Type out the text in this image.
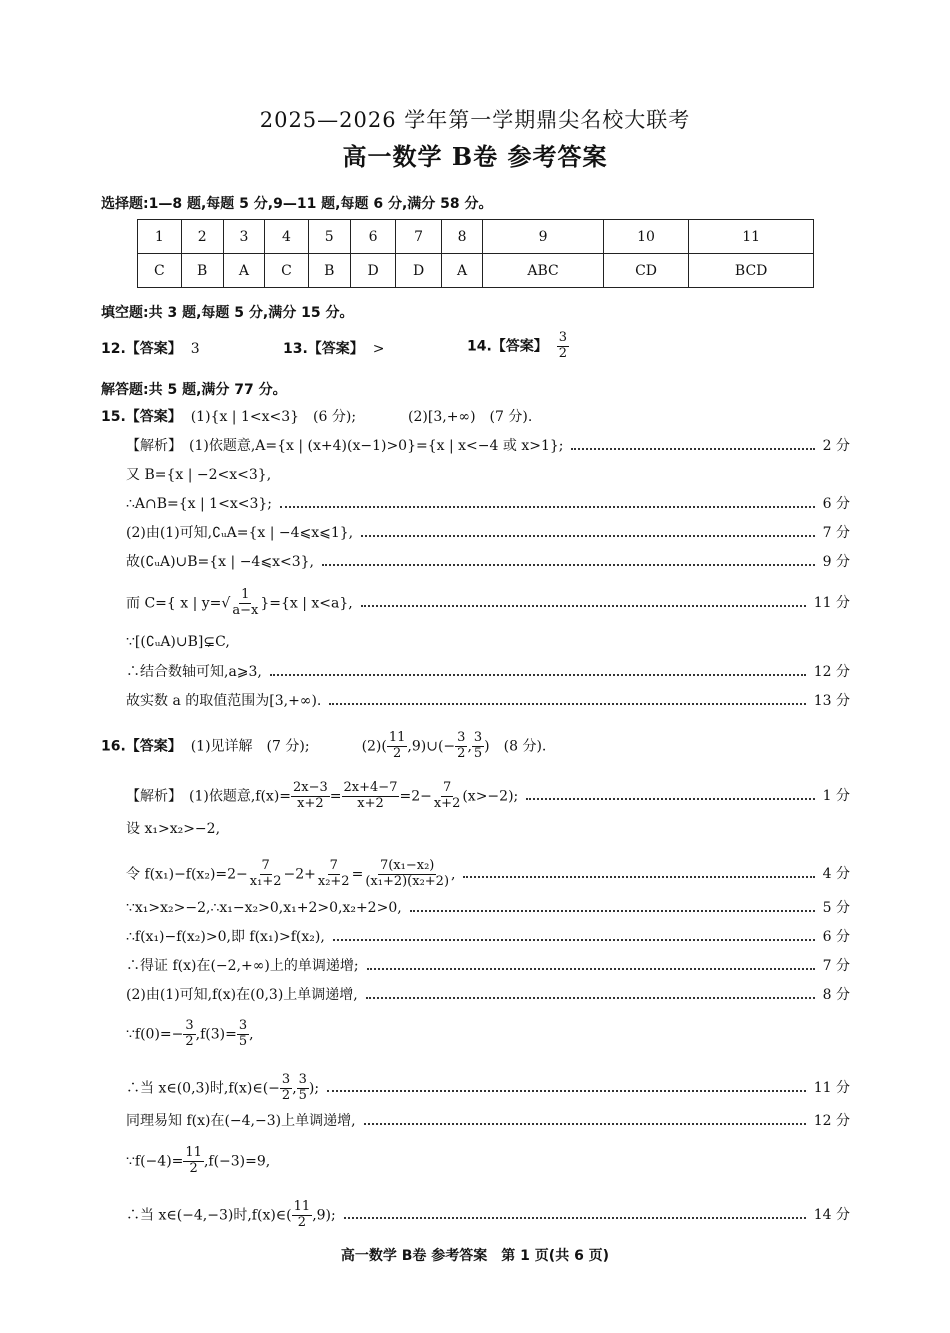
2025—2026 学年第一学期鼎尖名校大联考
高一数学 B卷 参考答案
选择题:1—8 题,每题 5 分,9—11 题,每题 6 分,满分 58 分。
1	2	3	4	5	6	7	8	9	10	11
C	B	A	C	B	D	D	A	ABC	CD	BCD
填空题:共 3 题,每题 5 分,满分 15 分。
12.【答案】 3	13.【答案】 >	14.【答案】 $\frac{3}{2}$
解答题:共 5 题,满分 77 分。
15.【答案】 (1){x | 1<x<3}　(6 分);	(2)[3,+∞)　(7 分).
【解析】　(1)依题意,A={x | (x+4)(x−1)>0}={x | x<−4 或 x>1};	2 分
又 B={x | −2<x<3},
∴A∩B={x | 1<x<3};	6 分
(2)由(1)可知,∁ᵤA={x | −4⩽x⩽1},	7 分
故(∁ᵤA)∪B={x | −4⩽x<3},	9 分
而 C={ x | $y=√ \frac{1}{a-x} \}=\{x$ | x<a},	11 分
∵[(∁ᵤA)∪B]⊊C,
∴结合数轴可知,a⩾3,	12 分
故实数 a 的取值范围为[3,+∞).	13 分
16.【答案】 (1)见详解　(7 分);	$(2)( \frac{11}{2}$ ,9)∪(− $\frac{3}{2}$ , $\frac{3}{5}$ )　(8 分).
【解析】　(1)依题意$,f(x)= \frac{2x-3}{x+2} = \frac{2x+4-7}{x+2} =2- \frac{7}{x+2} (x>-2)$;	1 分
设 x₁>x₂>−2,
令 $f(x_1)-f(x_2)=2- \frac{7}{\text{x₁+2}} -2+ \frac{7}{\text{x₂+2}} = \frac{\text{7(x₁−x₂)}}{\text{(x₁+2)(x₂+2)}}$ ,	4 分
∵x₁>x₂>−2,∴x₁−x₂>0,x₁+2>0,x₂+2>0,	5 分
∴f(x₁)−f(x₂)>0,即 f(x₁)>f(x₂),	6 分
∴得证 f(x)在(−2,+∞)上的单调递增;	7 分
(2)由(1)可知,f(x)在(0,3)上单调递增,	8 分
∵f(0)=− $\frac{3}{2} ,f(3)= \frac{3}{5}$ ,
∴当 x∈(0,3)时,f(x)∈(− $\frac{3}{2}$ , $\frac{3}{5}$ );	11 分
同理易知 f(x)在(−4,−3)上单调递增,	12 分
∵f(−4)= $\frac{11}{2} ,f(-3)=9$,
∴当 x∈(−4,−3)时,f(x)∈( $\frac{11}{2} ,9$);	14 分
高一数学 B卷 参考答案　第 1 页(共 6 页)
